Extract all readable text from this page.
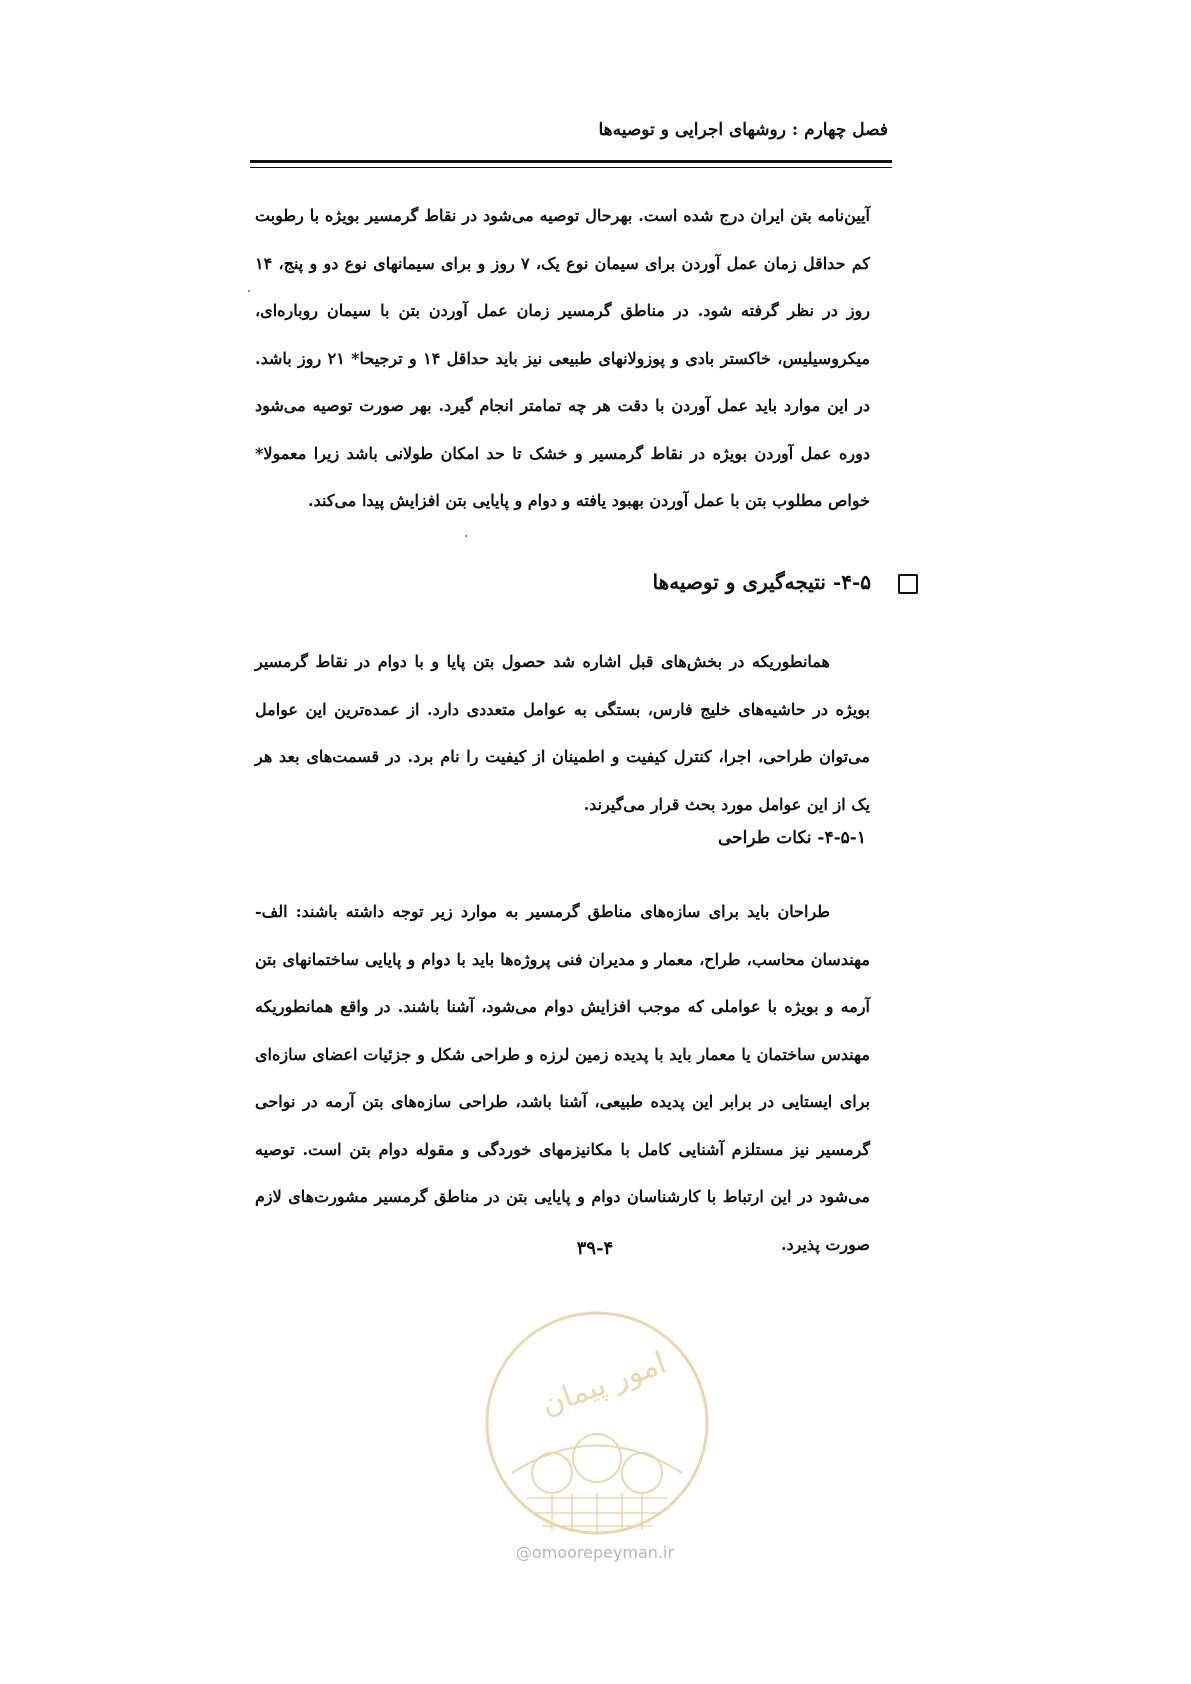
فصل چهارم : روشهای اجرایی و توصیه‌ها

آیین‌نامه بتن ایران درج شده است. بهرحال توصیه می‌شود در نقاط گرمسیر بویژه با رطوبت کم حداقل زمان عمل آوردن برای سیمان نوع یک، ۷ روز و برای سیمانهای نوع دو و پنج، ۱۴ روز در نظر گرفته شود. در مناطق گرمسیر زمان عمل آوردن بتن با سیمان روباره‌ای، میکروسیلیس، خاکستر بادی و پوزولانهای طبیعی نیز باید حداقل ۱۴ و ترجیحا* ۲۱ روز باشد. در این موارد باید عمل آوردن با دقت هر چه تمامتر انجام گیرد. بهر صورت توصیه می‌شود دوره عمل آوردن بویژه در نقاط گرمسیر و خشک تا حد امکان طولانی باشد زیرا معمولا* خواص مطلوب بتن با عمل آوردن بهبود یافته و دوام و پایایی بتن افزایش پیدا می‌کند.

۴-۵- نتیجه‌گیری و توصیه‌ها

همانطوریکه در بخش‌های قبل اشاره شد حصول بتن پایا و با دوام در نقاط گرمسیر بویژه در حاشیه‌های خلیج فارس، بستگی به عوامل متعددی دارد. از عمده‌ترین این عوامل می‌توان طراحی، اجرا، کنترل کیفیت و اطمینان از کیفیت را نام برد. در قسمت‌های بعد هر یک از این عوامل مورد بحث قرار می‌گیرند.

۴-۵-۱- نکات طراحی

طراحان باید برای سازه‌های مناطق گرمسیر به موارد زیر توجه داشته باشند: الف- مهندسان محاسب، طراح، معمار و مدیران فنی پروژه‌ها باید با دوام و پایایی ساختمانهای بتن آرمه و بویژه با عواملی که موجب افزایش دوام می‌شود، آشنا باشند. در واقع همانطوریکه مهندس ساختمان یا معمار باید با پدیده زمین لرزه و طراحی شکل و جزئیات اعضای سازه‌ای برای ایستایی در برابر این پدیده طبیعی، آشنا باشد، طراحی سازه‌های بتن آرمه در نواحی گرمسیر نیز مستلزم آشنایی کامل با مکانیزمهای خوردگی و مقوله دوام بتن است. توصیه می‌شود در این ارتباط با کارشناسان دوام و پایایی بتن در مناطق گرمسیر مشورت‌های لازم صورت پذیرد.

۳۹-۴
امور پیمان
@omoorepeyman.ir
